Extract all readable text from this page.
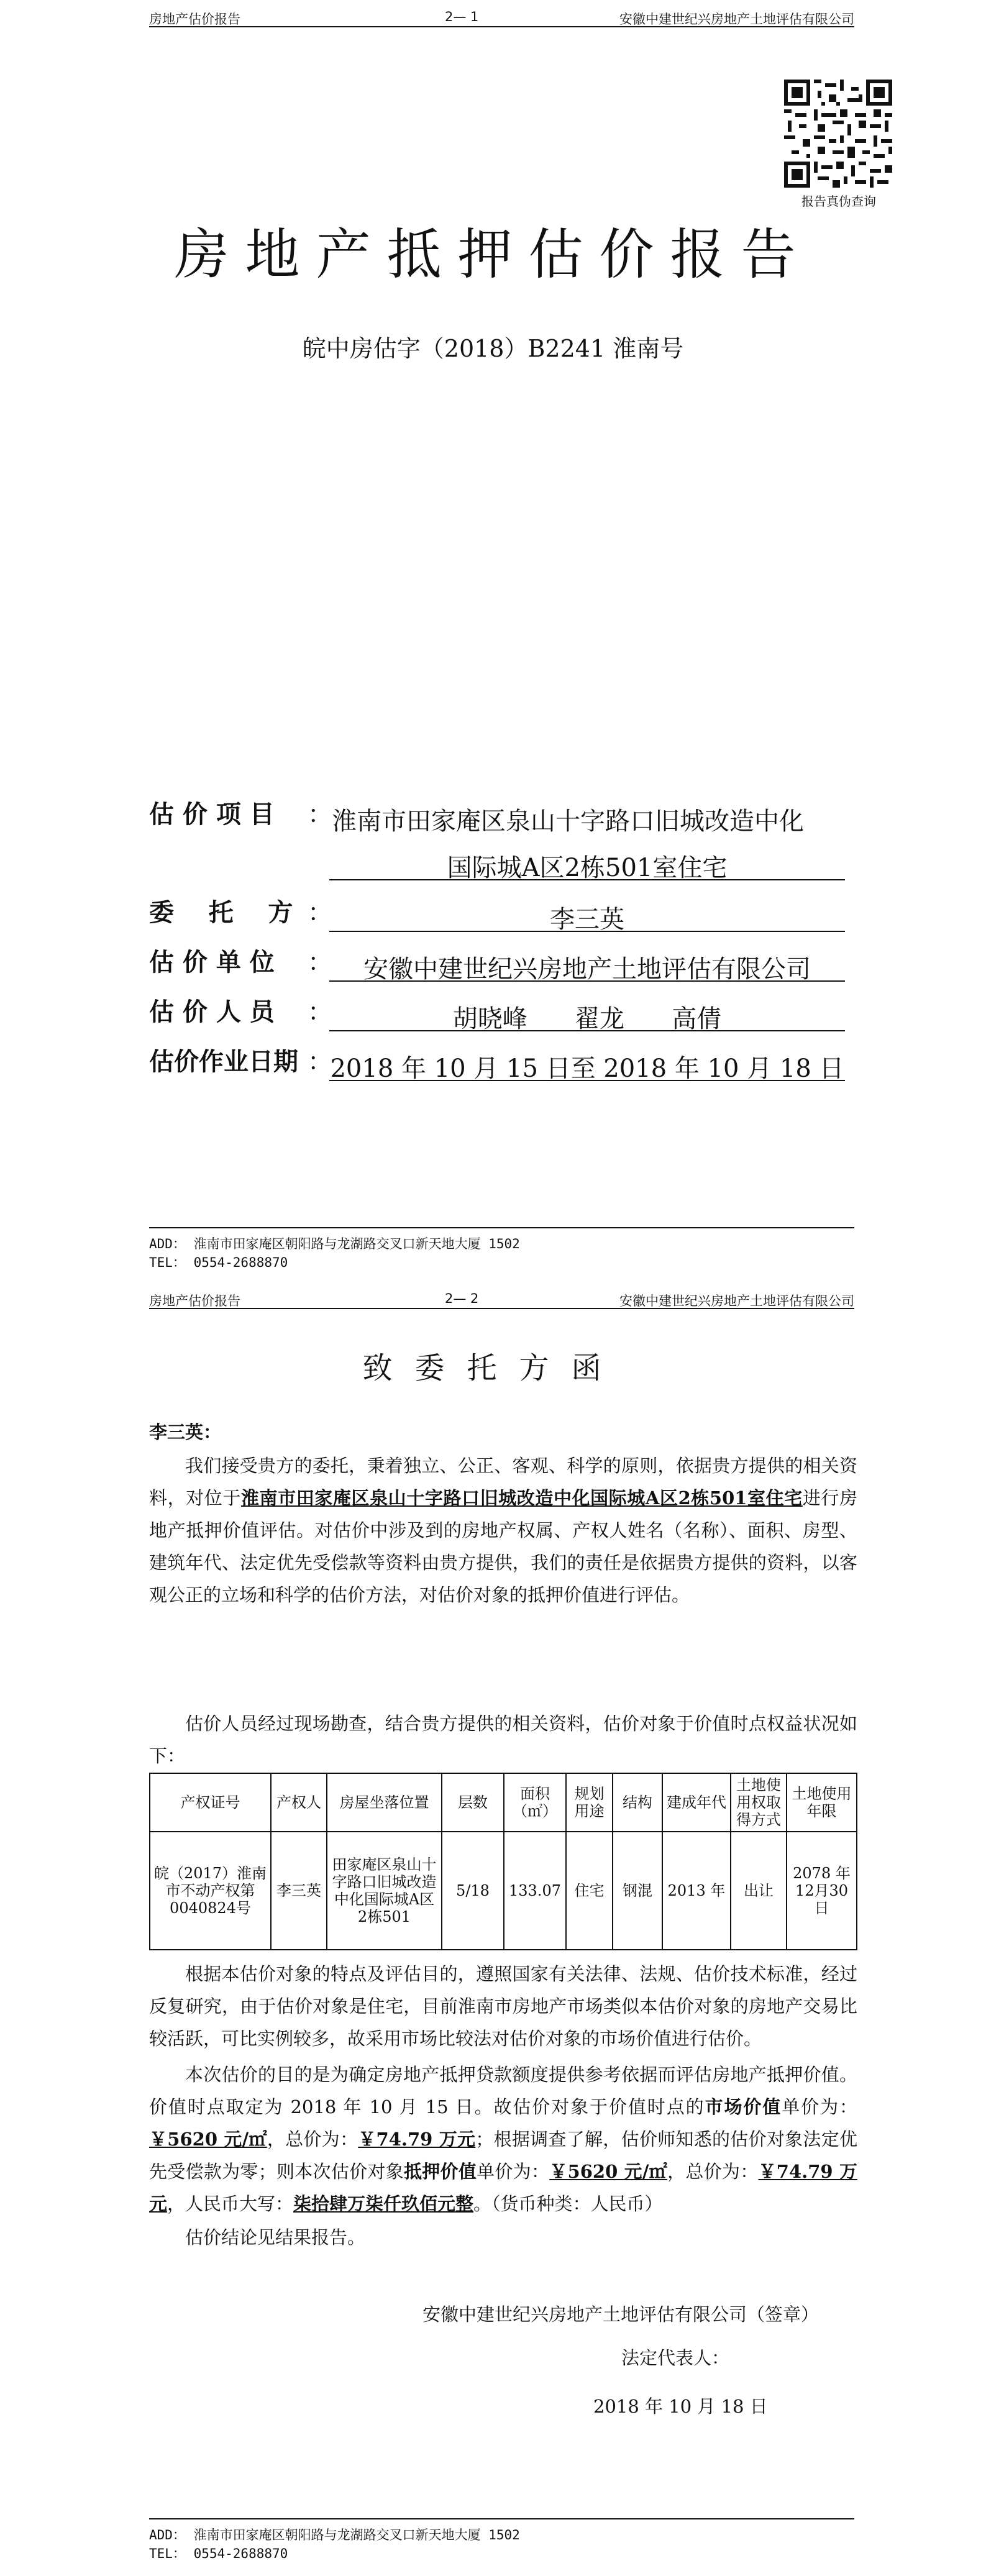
房地产估价报告	2— 1	安徽中建世纪兴房地产土地评估有限公司
报告真伪查询
房地产抵押估价报告
皖中房估字（2018）B2241 淮南号
估 价 项 目 ： 淮南市田家庵区泉山十字路口旧城改造中化
国际城A区2栋501室住宅
委    托    方 ：	李三英
估 价 单 位 ：	安徽中建世纪兴房地产土地评估有限公司
估 价 人 员 ：	胡晓峰      翟龙      高倩
估价作业日期 ：
2018 年 10 月 15 日至 2018 年 10 月 18 日
ADD： 淮南市田家庵区朝阳路与龙湖路交叉口新天地大厦 1502
TEL： 0554-2688870
房地产估价报告	2— 2	安徽中建世纪兴房地产土地评估有限公司
致委托方函
李三英：
我们接受贵方的委托，秉着独立、公正、客观、科学的原则，依据贵方提供的相关资料，对位于淮南市田家庵区泉山十字路口旧城改造中化国际城A区2栋501室住宅进行房地产抵押价值评估。对估价中涉及到的房地产权属、产权人姓名（名称）、面积、房型、建筑年代、法定优先受偿款等资料由贵方提供，我们的责任是依据贵方提供的资料，以客观公正的立场和科学的估价方法，对估价对象的抵押价值进行评估。
估价人员经过现场勘查，结合贵方提供的相关资料，估价对象于价值时点权益状况如下：
产权证号	产权人	房屋坐落位置	层数	面积（㎡）	规划用途	结构	建成年代	土地使用权取得方式	土地使用年限
皖（2017）淮南市不动产权第0040824号	李三英	田家庵区泉山十字路口旧城改造中化国际城A区2栋501	5/18	133.07	住宅	钢混	2013 年	出让	2078 年12月30日
根据本估价对象的特点及评估目的，遵照国家有关法律、法规、估价技术标准，经过反复研究，由于估价对象是住宅，目前淮南市房地产市场类似本估价对象的房地产交易比较活跃，可比实例较多，故采用市场比较法对估价对象的市场价值进行估价。
本次估价的目的是为确定房地产抵押贷款额度提供参考依据而评估房地产抵押价值。价值时点取定为 2018 年 10 月 15 日。故估价对象于价值时点的市场价值单价为：￥5620 元/㎡，总价为：￥74.79 万元；根据调查了解，估价师知悉的估价对象法定优先受偿款为零；则本次估价对象抵押价值单价为：￥5620 元/㎡，总价为：￥74.79 万元，人民币大写：柒拾肆万柒仟玖佰元整。（货币种类：人民币）
估价结论见结果报告。
安徽中建世纪兴房地产土地评估有限公司（签章）
法定代表人：
2018 年 10 月 18 日
ADD： 淮南市田家庵区朝阳路与龙湖路交叉口新天地大厦 1502
TEL： 0554-2688870
